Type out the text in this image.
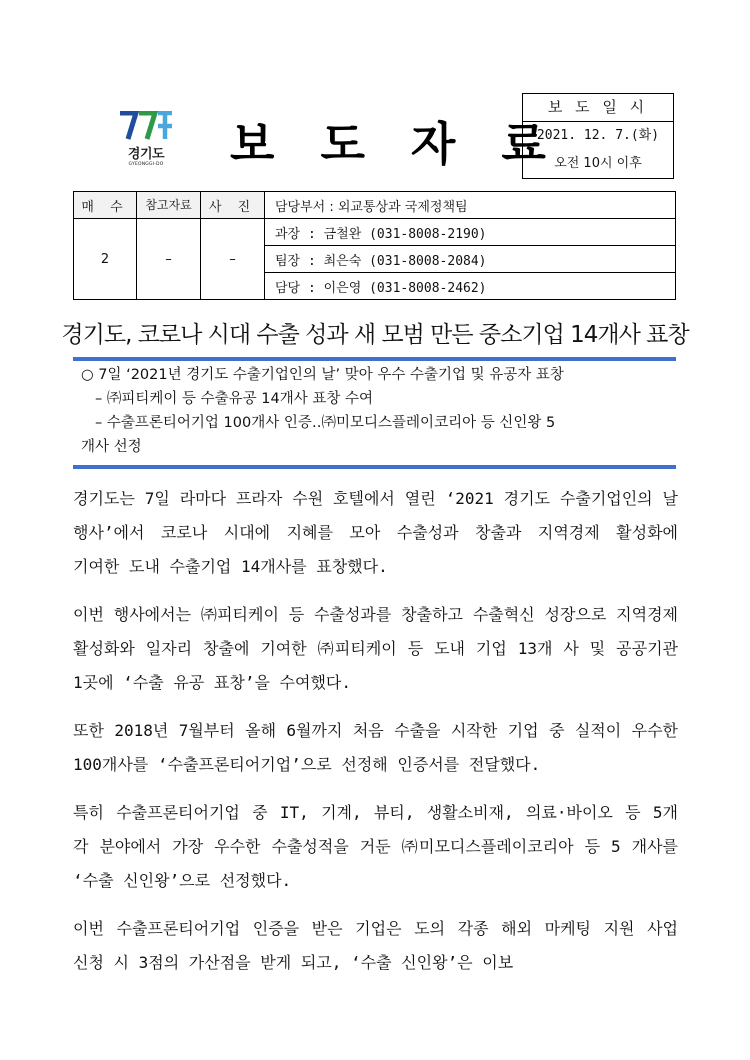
경기도
GYEONGGI-DO 보 도 자 료
보 도 일 시
2021. 12. 7.(화)
오전 10시 이후
매 수	참고자료	사 진	담당부서 : 외교통상과 국제정책팀
2	–	–	과장 : 금철완 (031-8008-2190)
			팀장 : 최은숙 (031-8008-2084)
			담당 : 이은영 (031-8008-2462)
경기도, 코로나 시대 수출 성과 새 모범 만든 중소기업 14개사 표창
○ 7일 ‘2021년 경기도 수출기업인의 날’ 맞아 우수 수출기업 및 유공자 표창
– ㈜피티케이 등 수출유공 14개사 표창 수여
– 수출프론티어기업 100개사 인증‥㈜미모디스플레이코리아 등 신인왕 5
개사 선정

경기도는 7일 라마다 프라자 수원 호텔에서 열린 ‘2021 경기도 수출기업인의 날 행사’에서 코로나 시대에 지혜를 모아 수출성과 창출과 지역경제 활성화에 기여한 도내 수출기업 14개사를 표창했다.

이번 행사에서는 ㈜피티케이 등 수출성과를 창출하고 수출혁신 성장으로 지역경제 활성화와 일자리 창출에 기여한 ㈜피티케이 등 도내 기업 13개 사 및 공공기관 1곳에 ‘수출 유공 표창’을 수여했다.

또한 2018년 7월부터 올해 6월까지 처음 수출을 시작한 기업 중 실적이 우수한 100개사를 ‘수출프론티어기업’으로 선정해 인증서를 전달했다.

특히 수출프론티어기업 중 IT, 기계, 뷰티, 생활소비재, 의료·바이오 등 5개 각 분야에서 가장 우수한 수출성적을 거둔 ㈜미모디스플레이코리아 등 5 개사를 ‘수출 신인왕’으로 선정했다.

이번 수출프론티어기업 인증을 받은 기업은 도의 각종 해외 마케팅 지원 사업 신청 시 3점의 가산점을 받게 되고, ‘수출 신인왕’은 이보
